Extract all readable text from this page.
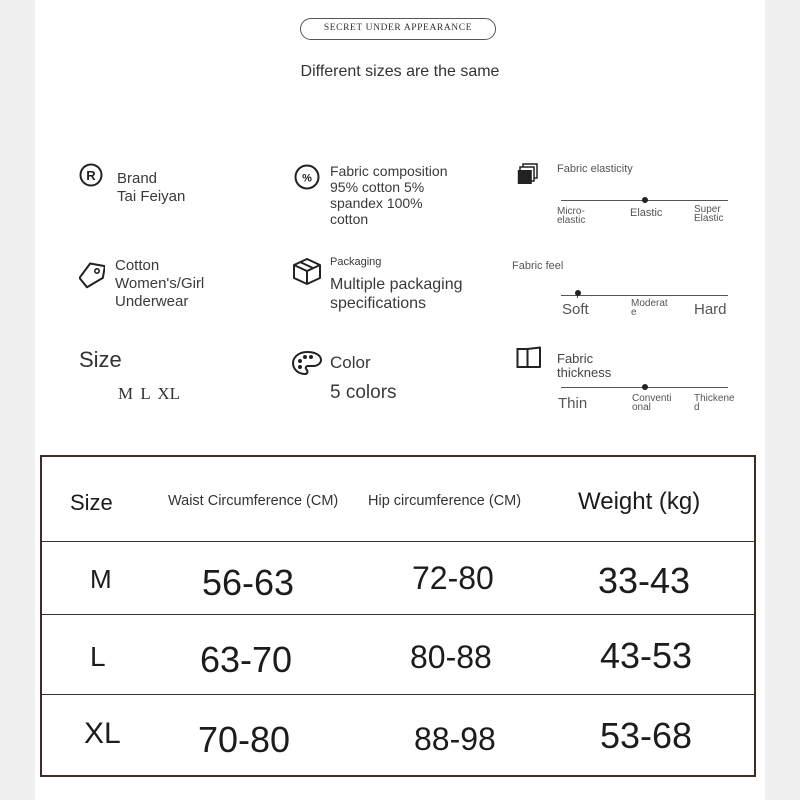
SECRET UNDER APPEARANCE
Different sizes are the same
R Brand
Tai Feiyan
% Fabric composition
95% cotton 5%
spandex 100%
cotton
Fabric elasticity
Micro-
elastic
Elastic	Super
Elastic
Cotton
Women's/Girl
Underwear
Packaging
Multiple packaging
specifications
Fabric feel
Soft	Moderat
e	Hard
Size
M L XL
Color
5 colors
Fabric
thickness
Thin	Conventi
onal
Thickene
d
Size	Waist Circumference (CM) Hip circumference (CM) Weight (kg)
M	56-63	72-80	33-43
L	63-70	80-88	43-53
XL 70-80	88-98	53-68
